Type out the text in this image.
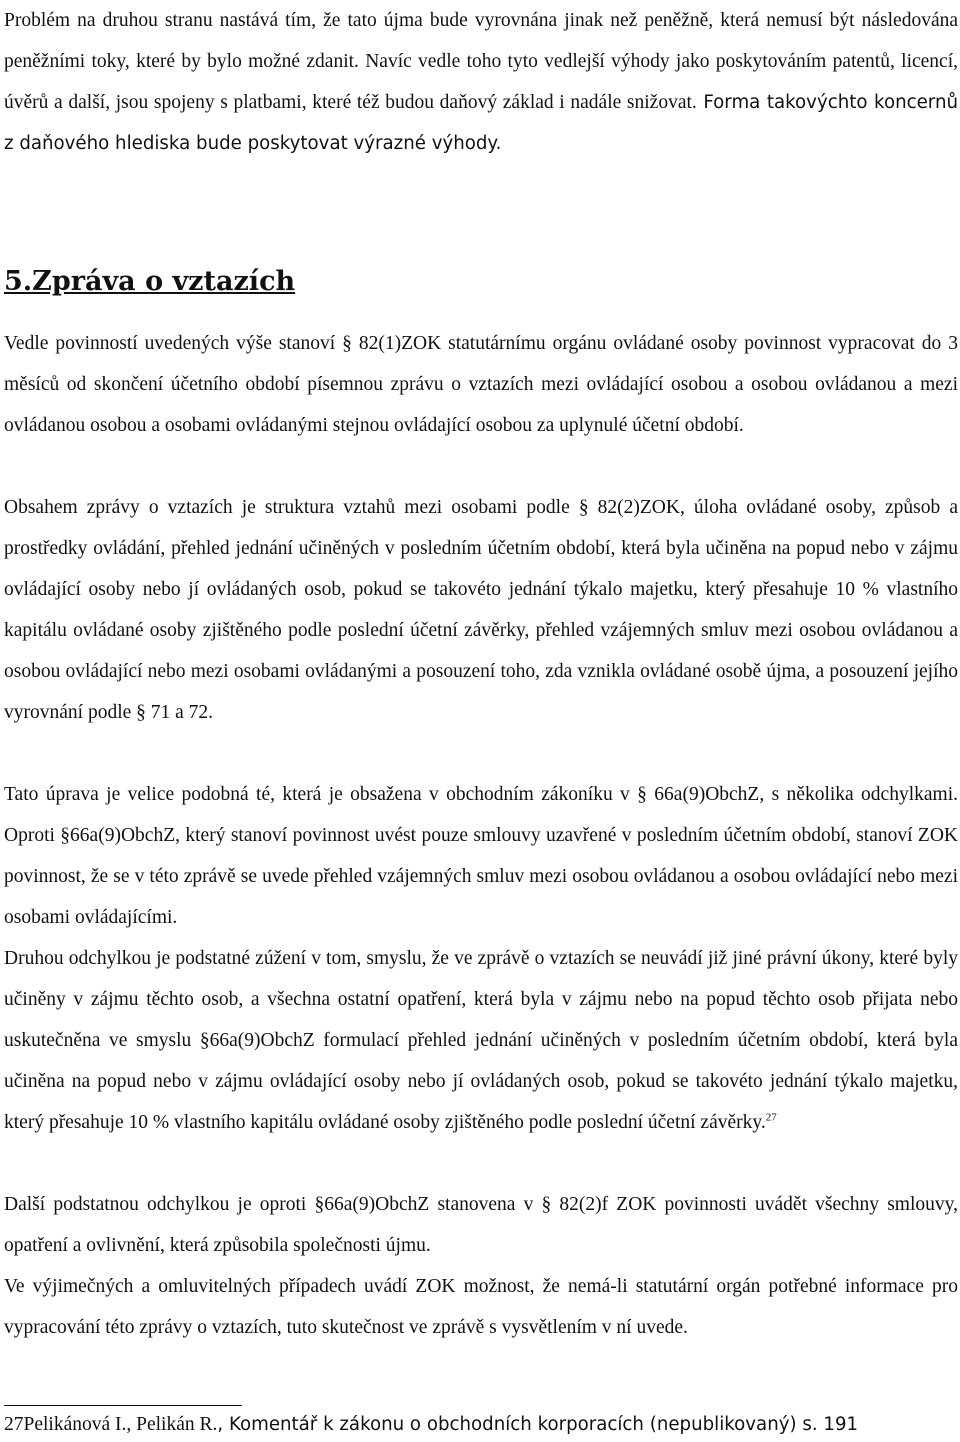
Problém na druhou stranu nastává tím, že tato újma bude vyrovnána jinak než peněžně, která nemusí být následována peněžními toky, které by bylo možné zdanit. Navíc vedle toho tyto vedlejší výhody jako poskytováním patentů, licencí, úvěrů a další, jsou spojeny s platbami, které též budou daňový základ i nadále snižovat. Forma takovýchto koncernů z daňového hlediska bude poskytovat výrazné výhody.

5.Zpráva o vztazích

Vedle povinností uvedených výše stanoví § 82(1)ZOK statutárnímu orgánu ovládané osoby povinnost vypracovat do 3 měsíců od skončení účetního období písemnou zprávu o vztazích mezi ovládající osobou a osobou ovládanou a mezi ovládanou osobou a osobami ovládanými stejnou ovládající osobou za uplynulé účetní období.

Obsahem zprávy o vztazích je struktura vztahů mezi osobami podle § 82(2)ZOK, úloha ovládané osoby, způsob a prostředky ovládání, přehled jednání učiněných v posledním účetním období, která byla učiněna na popud nebo v zájmu ovládající osoby nebo jí ovládaných osob, pokud se takovéto jednání týkalo majetku, který přesahuje 10 % vlastního kapitálu ovládané osoby zjištěného podle poslední účetní závěrky, přehled vzájemných smluv mezi osobou ovládanou a osobou ovládající nebo mezi osobami ovládanými a posouzení toho, zda vznikla ovládané osobě újma, a posouzení jejího vyrovnání podle § 71 a 72.

Tato úprava je velice podobná té, která je obsažena v obchodním zákoníku v § 66a(9)ObchZ, s několika odchylkami. Oproti §66a(9)ObchZ, který stanoví povinnost uvést pouze smlouvy uzavřené v posledním účetním období, stanoví ZOK povinnost, že se v této zprávě se uvede přehled vzájemných smluv mezi osobou ovládanou a osobou ovládající nebo mezi osobami ovládajícími.

Druhou odchylkou je podstatné zúžení v tom, smyslu, že ve zprávě o vztazích se neuvádí již jiné právní úkony, které byly učiněny v zájmu těchto osob, a všechna ostatní opatření, která byla v zájmu nebo na popud těchto osob přijata nebo uskutečněna ve smyslu §66a(9)ObchZ formulací přehled jednání učiněných v posledním účetním období, která byla učiněna na popud nebo v zájmu ovládající osoby nebo jí ovládaných osob, pokud se takovéto jednání týkalo majetku, který přesahuje 10 % vlastního kapitálu ovládané osoby zjištěného podle poslední účetní závěrky.$^{27}$

Další podstatnou odchylkou je oproti §66a(9)ObchZ stanovena v § 82(2)f ZOK povinnosti uvádět všechny smlouvy, opatření a ovlivnění, která způsobila společnosti újmu.

Ve výjimečných a omluvitelných případech uvádí ZOK možnost, že nemá-li statutární orgán potřebné informace pro vypracování této zprávy o vztazích, tuto skutečnost ve zprávě s vysvětlením v ní uvede.

27Pelikánová I., Pelikán R., Komentář k zákonu o obchodních korporacích (nepublikovaný) s. 191
